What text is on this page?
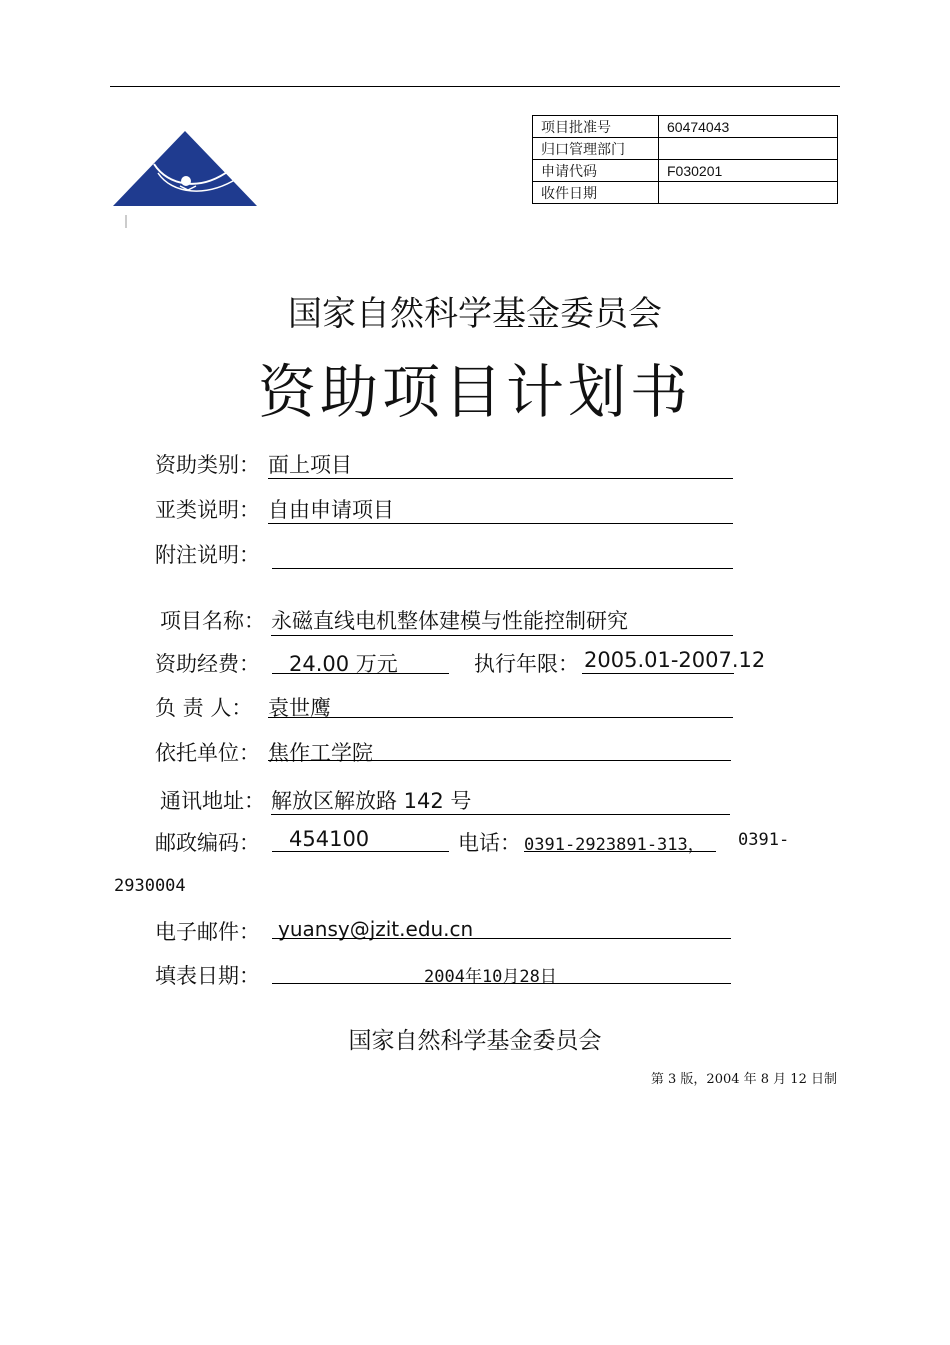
项目批准号	60474043
归口管理部门	
申请代码	F030201
收件日期	
国家自然科学基金委员会
资助项目计划书
资助类别： 面上项目
亚类说明： 自由申请项目
附注说明：
项目名称： 永磁直线电机整体建模与性能控制研究
资助经费： 24.00 万元	执行年限： 2005.01-2007.12
负 责 人： 袁世鹰
依托单位： 焦作工学院
通讯地址： 解放区解放路 142 号
邮政编码： 454100	电话： 0391-2923891-313， 0391-
2930004
电子邮件： yuansy@jzit.edu.cn
填表日期：	2004年10月28日
国家自然科学基金委员会
第 3 版，2004 年 8 月 12 日制
